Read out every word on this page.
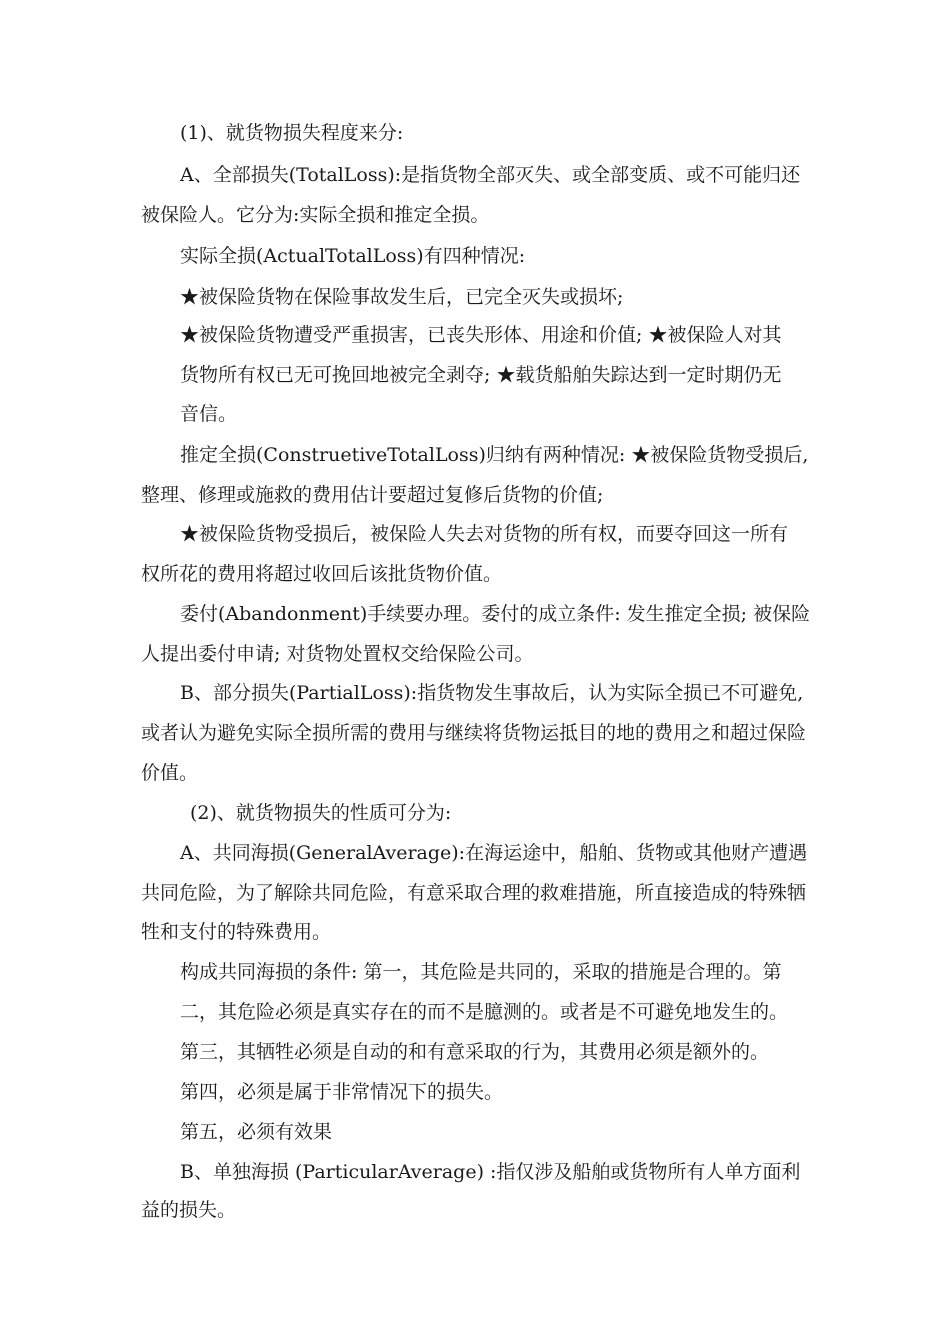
(1)、就货物损失程度来分:
A、全部损失(TotalLoss):是指货物全部灭失、或全部变质、或不可能归还
被保险人。它分为:实际全损和推定全损。
实际全损(ActualTotalLoss)有四种情况:
★被保险货物在保险事故发生后，已完全灭失或损坏;
★被保险货物遭受严重损害，已丧失形体、用途和价值; ★被保险人对其
货物所有权已无可挽回地被完全剥夺; ★载货船舶失踪达到一定时期仍无
音信。
推定全损(ConstruetiveTotalLoss)归纳有两种情况: ★被保险货物受损后,
整理、修理或施救的费用估计要超过复修后货物的价值;
★被保险货物受损后，被保险人失去对货物的所有权，而要夺回这一所有
权所花的费用将超过收回后该批货物价值。
委付(Abandonment)手续要办理。委付的成立条件: 发生推定全损; 被保险
人提出委付申请; 对货物处置权交给保险公司。
B、部分损失(PartialLoss):指货物发生事故后，认为实际全损已不可避免,
或者认为避免实际全损所需的费用与继续将货物运抵目的地的费用之和超过保险
价值。
(2)、就货物损失的性质可分为:
A、共同海损(GeneralAverage):在海运途中，船舶、货物或其他财产遭遇
共同危险，为了解除共同危险，有意采取合理的救难措施，所直接造成的特殊牺
牲和支付的特殊费用。
构成共同海损的条件: 第一，其危险是共同的，采取的措施是合理的。第
二，其危险必须是真实存在的而不是臆测的。或者是不可避免地发生的。
第三，其牺牲必须是自动的和有意采取的行为，其费用必须是额外的。
第四，必须是属于非常情况下的损失。
第五，必须有效果
B、单独海损 (ParticularAverage) :指仅涉及船舶或货物所有人单方面利
益的损失。
